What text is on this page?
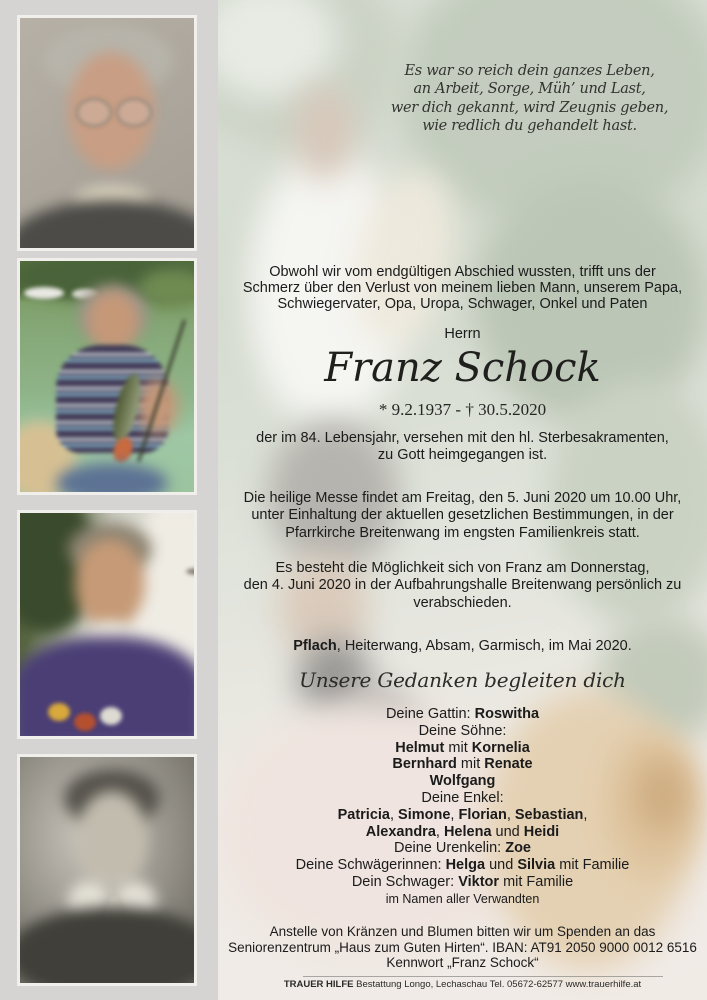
Es war so reich dein ganzes Leben,
an Arbeit, Sorge, Müh’ und Last,
wer dich gekannt, wird Zeugnis geben,
wie redlich du gehandelt hast.
Obwohl wir vom endgültigen Abschied wussten, trifft uns der
Schmerz über den Verlust von meinem lieben Mann, unserem Papa,
Schwiegervater, Opa, Uropa, Schwager, Onkel und Paten
Herrn
Franz Schock
* 9.2.1937 - † 30.5.2020
der im 84. Lebensjahr, versehen mit den hl. Sterbesakramenten,
zu Gott heimgegangen ist.
Die heilige Messe findet am Freitag, den 5. Juni 2020 um 10.00 Uhr,
unter Einhaltung der aktuellen gesetzlichen Bestimmungen, in der
Pfarrkirche Breitenwang im engsten Familienkreis statt.
Es besteht die Möglichkeit sich von Franz am Donnerstag,
den 4. Juni 2020 in der Aufbahrungshalle Breitenwang persönlich zu
verabschieden.
Pflach, Heiterwang, Absam, Garmisch, im Mai 2020.
Unsere Gedanken begleiten dich
Deine Gattin: Roswitha
Deine Söhne:
Helmut mit Kornelia
Bernhard mit Renate
Wolfgang
Deine Enkel:
Patricia, Simone, Florian, Sebastian,
Alexandra, Helena und Heidi
Deine Urenkelin: Zoe
Deine Schwägerinnen: Helga und Silvia mit Familie
Dein Schwager: Viktor mit Familie
im Namen aller Verwandten
Anstelle von Kränzen und Blumen bitten wir um Spenden an das
Seniorenzentrum „Haus zum Guten Hirten“. IBAN: AT91 2050 9000 0012 6516
Kennwort „Franz Schock“
TRAUER HILFE Bestattung Longo, Lechaschau Tel. 05672-62577 www.trauerhilfe.at
